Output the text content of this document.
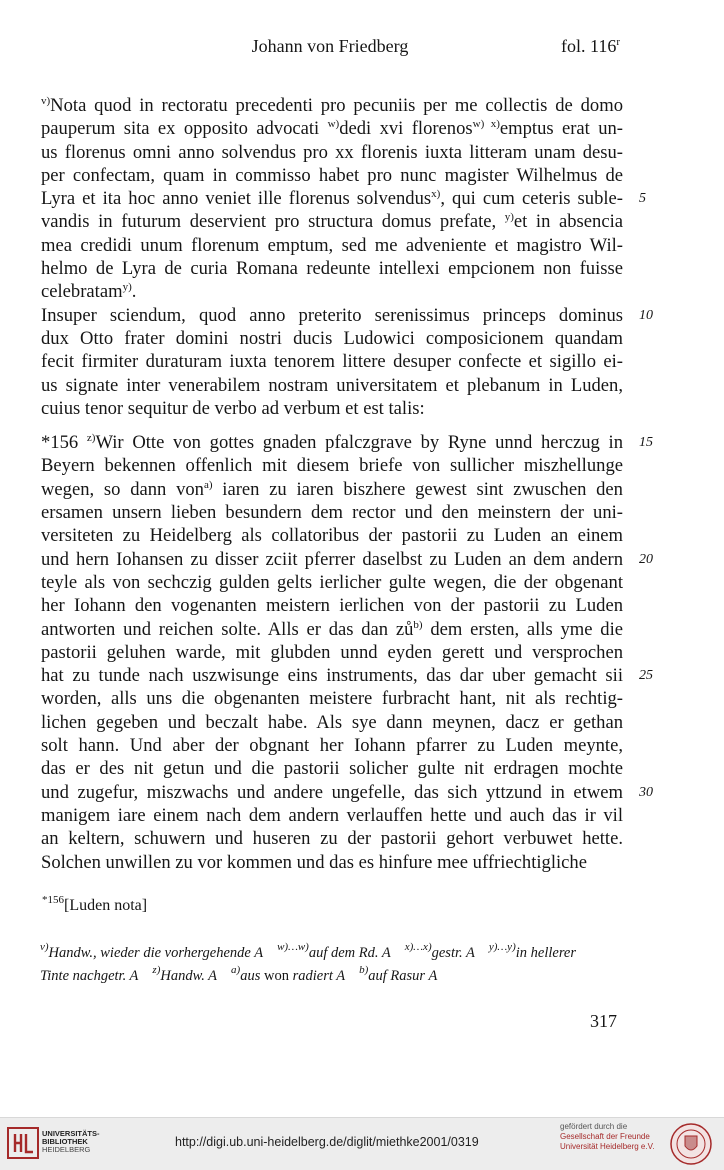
Johann von Friedberg	fol. 116$^r$
$^{v)}$Nota quod in rectoratu precedenti pro pecuniis per me collectis de domo
pauperum sita ex opposito advocati $^{w)}$dedi xvi florenos$^{w) x)}$emptus erat un-
us florenus omni anno solvendus pro xx florenis iuxta litteram unam desu-
per confectam, quam in commisso habet pro nunc magister Wilhelmus de
Lyra et ita hoc anno veniet ille florenus solvendus$^{x)}$, qui cum ceteris suble- 5
vandis in futurum deservient pro structura domus prefate, $^{y)}$et in absencia
mea credidi unum florenum emptum, sed me adveniente et magistro Wil-
helmo de Lyra de curia Romana redeunte intellexi empcionem non fuisse
celebratam$^{y)}$.
Insuper sciendum, quod anno preterito serenissimus princeps dominus 10
dux Otto frater domini nostri ducis Ludowici composicionem quandam
fecit firmiter duraturam iuxta tenorem littere desuper confecte et sigillo ei-
us signate inter venerabilem nostram universitatem et plebanum in Luden,
cuius tenor sequitur de verbo ad verbum et est talis:
*156 $^{z)}$Wir Otte von gottes gnaden pfalczgrave by Ryne unnd herczug in 15
Beyern bekennen offenlich mit diesem briefe von sullicher miszhellunge
wegen, so dann von$^{a)}$ iaren zu iaren biszhere gewest sint zwuschen den
ersamen unsern lieben besundern dem rector und den meinstern der uni-
versiteten zu Heidelberg als collatoribus der pastorii zu Luden an einem
und hern Iohansen zu disser zciit pferrer daselbst zu Luden an dem andern 20
teyle als von sechczig gulden gelts ierlicher gulte wegen, die der obgenant
her Iohann den vogenanten meistern ierlichen von der pastorii zu Luden
antworten und reichen solte. Alls er das dan $zů^{b)}$ dem ersten, alls yme die
pastorii geluhen warde, mit glubden unnd eyden gerett und versprochen
hat zu tunde nach uszwisunge eins instruments, das dar uber gemacht sii 25
worden, alls uns die obgenanten meistere furbracht hant, nit als rechtig-
lichen gegeben und beczalt habe. Als sye dann meynen, dacz er gethan
solt hann. Und aber der obgnant her Iohann pfarrer zu Luden meynte,
das er des nit getun und die pastorii solicher gulte nit erdragen mochte
und zugefur, miszwachs und andere ungefelle, das sich yttzund in etwem 30
manigem iare einem nach dem andern verlauffen hette und auch das ir vil
an keltern, schuwern und huseren zu der pastorii gehort verbuwet hette.
Solchen unwillen zu vor kommen und das es hinfure mee uffriechtigliche
$^{*156}$[Luden nota]
$^{v)}$Handw., wieder die vorhergehende A $^{w)\dots w)}$auf dem Rd. A $^{x)\dots x)}$gestr. A $^{y)\dots y)}$in hellerer
Tinte nachgetr. A $^{z)}$Handw. A $^{a)}$aus won radiert A $^{b)}$auf Rasur A
317
UNIVERSITÄTS-
BIBLIOTHEK
HEIDELBERG
http://digi.ub.uni-heidelberg.de/diglit/miethke2001/0319
gefördert durch die
Gesellschaft der Freunde
Universität Heidelberg e.V.
